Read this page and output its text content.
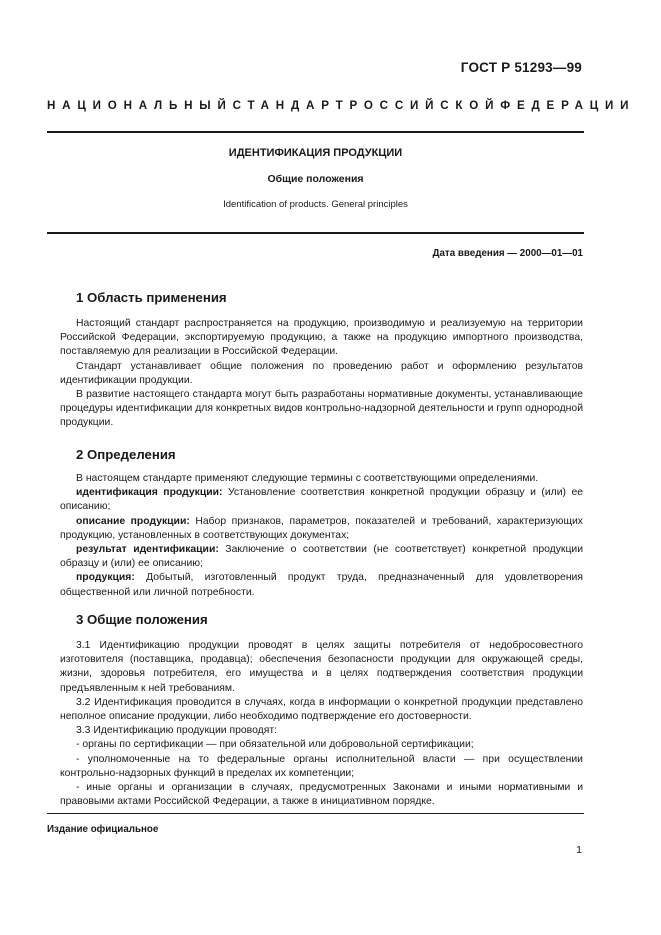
ГОСТ Р 51293—99
НАЦИОНАЛЬНЫЙ СТАНДАРТ РОССИЙСКОЙ ФЕДЕРАЦИИ
ИДЕНТИФИКАЦИЯ ПРОДУКЦИИ
Общие положения
Identification of products. General principles
Дата введения — 2000—01—01
1 Область применения

Настоящий стандарт распространяется на продукцию, производимую и реализуемую на территории Российской Федерации, экспортируемую продукцию, а также на продукцию импортного производства, поставляемую для реализации в Российской Федерации.

Стандарт устанавливает общие положения по проведению работ и оформлению результатов идентификации продукции.

В развитие настоящего стандарта могут быть разработаны нормативные документы, устанавливающие процедуры идентификации для конкретных видов контрольно-надзорной деятельности и групп однородной продукции.

2 Определения

В настоящем стандарте применяют следующие термины с соответствующими определениями.

идентификация продукции: Установление соответствия конкретной продукции образцу и (или) ее описанию;

описание продукции: Набор признаков, параметров, показателей и требований, характеризующих продукцию, установленных в соответствующих документах;

результат идентификации: Заключение о соответствии (не соответствует) конкретной продукции образцу и (или) ее описанию;

продукция: Добытый, изготовленный продукт труда, предназначенный для удовлетворения общественной или личной потребности.

3 Общие положения

3.1 Идентификацию продукции проводят в целях защиты потребителя от недобросовестного изготовителя (поставщика, продавца); обеспечения безопасности продукции для окружающей среды, жизни, здоровья потребителя, его имущества и в целях подтверждения соответствия продукции предъявленным к ней требованиям.

3.2 Идентификация проводится в случаях, когда в информации о конкретной продукции представлено неполное описание продукции, либо необходимо подтверждение его достоверности.

3.3 Идентификацию продукции проводят:

- органы по сертификации — при обязательной или добровольной сертификации;

- уполномоченные на то федеральные органы исполнительной власти — при осуществлении контрольно-надзорных функций в пределах их компетенции;

- иные органы и организации в случаях, предусмотренных Законами и иными нормативными и правовыми актами Российской Федерации, а также в инициативном порядке.

Издание официальное
1
